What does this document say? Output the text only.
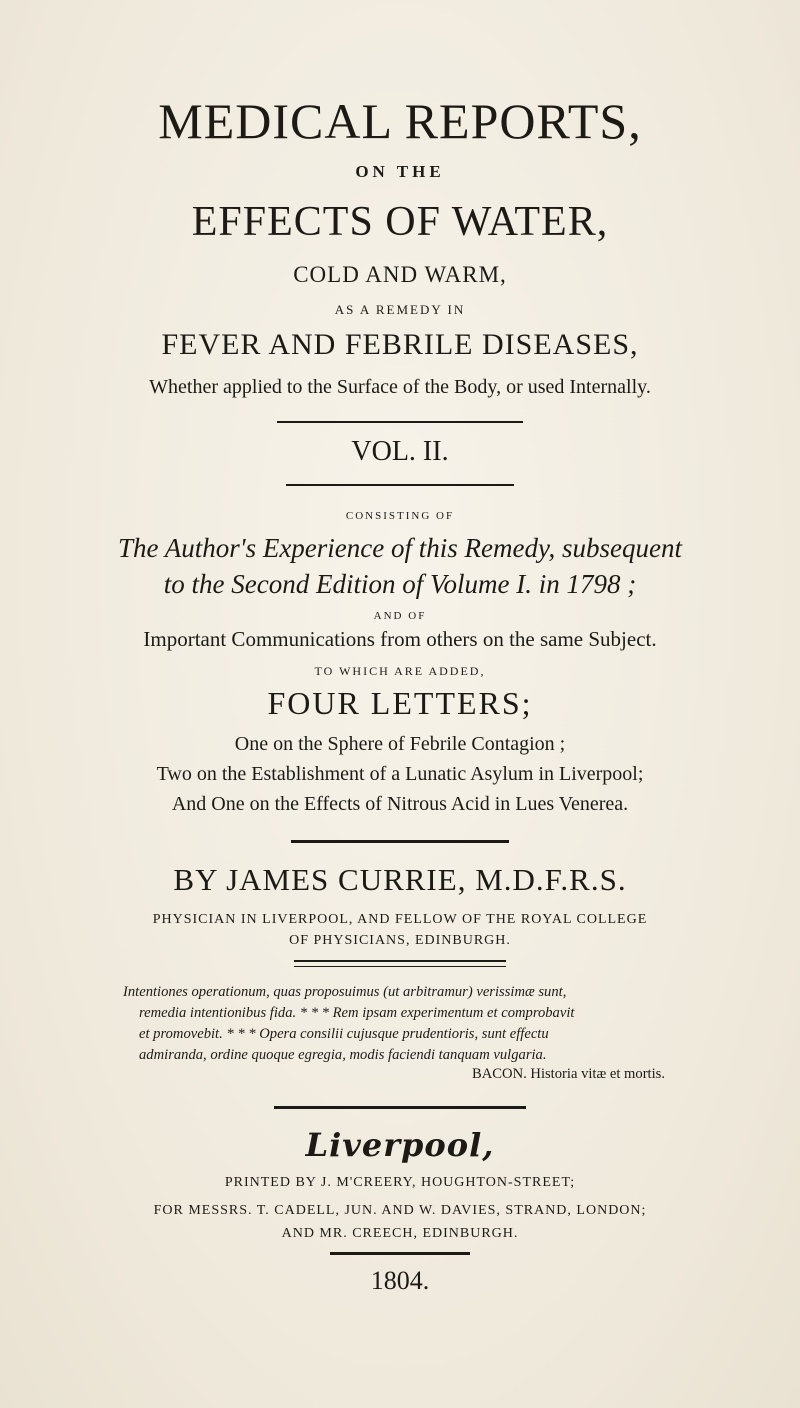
MEDICAL REPORTS,
ON THE
EFFECTS OF WATER,
COLD AND WARM,
AS A REMEDY IN
FEVER AND FEBRILE DISEASES,
Whether applied to the Surface of the Body, or used Internally.
VOL. II.
CONSISTING OF
The Author's Experience of this Remedy, subsequent
to the Second Edition of Volume I. in 1798 ;
AND OF
Important Communications from others on the same Subject.
TO WHICH ARE ADDED,
FOUR LETTERS;
One on the Sphere of Febrile Contagion ;
Two on the Establishment of a Lunatic Asylum in Liverpool;
And One on the Effects of Nitrous Acid in Lues Venerea.
BY JAMES CURRIE, M.D.F.R.S.
PHYSICIAN IN LIVERPOOL, AND FELLOW OF THE ROYAL COLLEGE
OF PHYSICIANS, EDINBURGH.
Intentiones operationum, quas proposuimus (ut arbitramur) verissimæ sunt,
remedia intentionibus fida. * * * Rem ipsam experimentum et comprobavit
et promovebit. * * * Opera consilii cujusque prudentioris, sunt effectu
admiranda, ordine quoque egregia, modis faciendi tanquam vulgaria.
BACON. Historia vitæ et mortis.
Liverpool,
PRINTED BY J. M'CREERY, HOUGHTON-STREET;
FOR MESSRS. T. CADELL, JUN. AND W. DAVIES, STRAND, LONDON;
AND MR. CREECH, EDINBURGH.
1804.
